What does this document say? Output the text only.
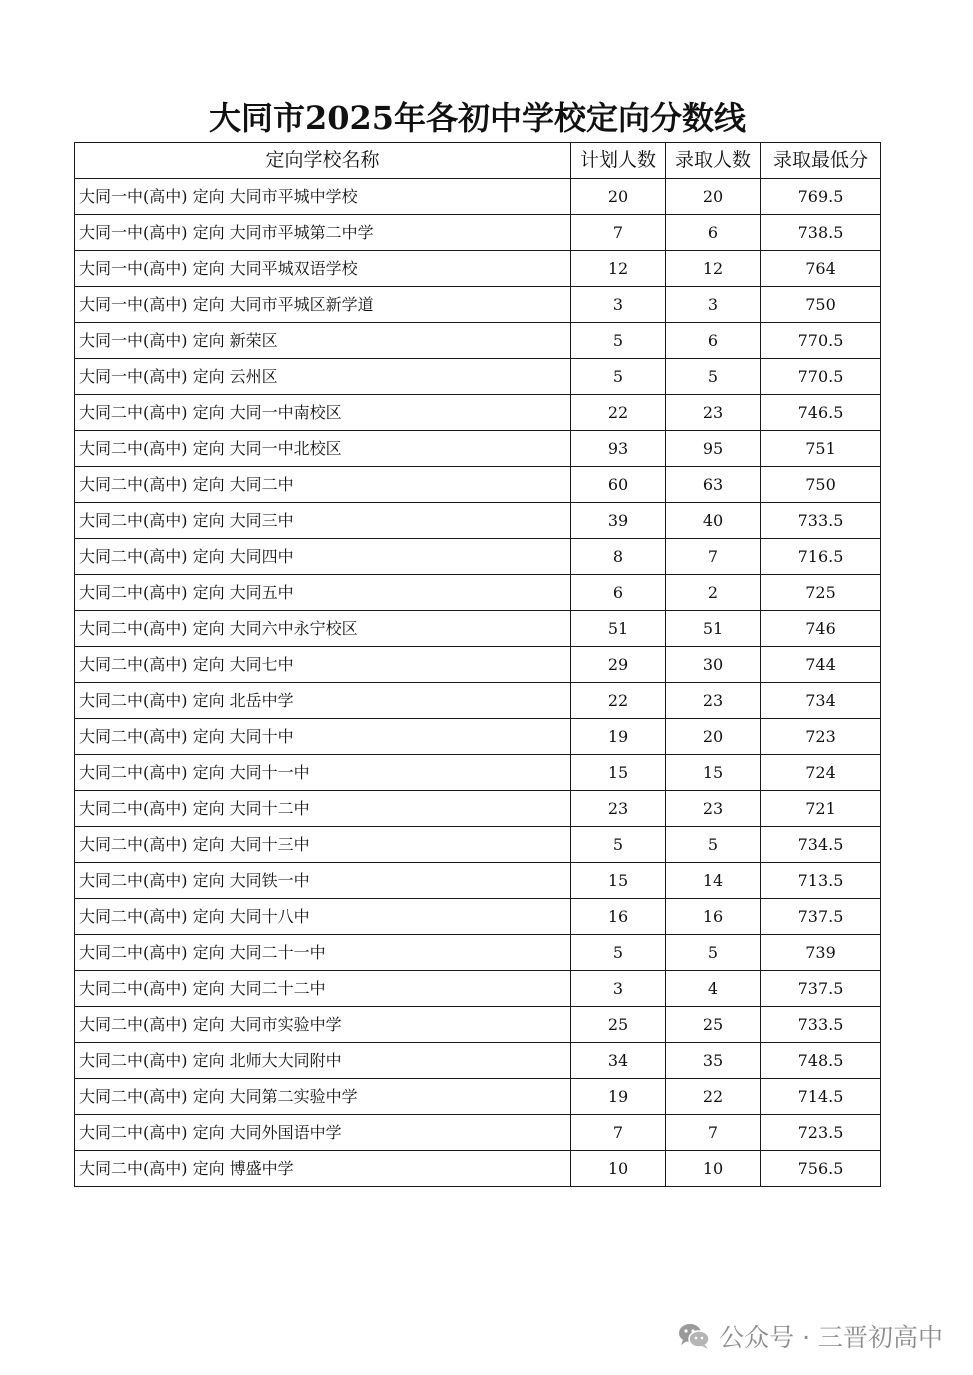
大同市2025年各初中学校定向分数线
定向学校名称	计划人数	录取人数	录取最低分
大同一中(高中) 定向 大同市平城中学校	20	20	769.5
大同一中(高中) 定向 大同市平城第二中学	7	6	738.5
大同一中(高中) 定向 大同平城双语学校	12	12	764
大同一中(高中) 定向 大同市平城区新学道	3	3	750
大同一中(高中) 定向 新荣区	5	6	770.5
大同一中(高中) 定向 云州区	5	5	770.5
大同二中(高中) 定向 大同一中南校区	22	23	746.5
大同二中(高中) 定向 大同一中北校区	93	95	751
大同二中(高中) 定向 大同二中	60	63	750
大同二中(高中) 定向 大同三中	39	40	733.5
大同二中(高中) 定向 大同四中	8	7	716.5
大同二中(高中) 定向 大同五中	6	2	725
大同二中(高中) 定向 大同六中永宁校区	51	51	746
大同二中(高中) 定向 大同七中	29	30	744
大同二中(高中) 定向 北岳中学	22	23	734
大同二中(高中) 定向 大同十中	19	20	723
大同二中(高中) 定向 大同十一中	15	15	724
大同二中(高中) 定向 大同十二中	23	23	721
大同二中(高中) 定向 大同十三中	5	5	734.5
大同二中(高中) 定向 大同铁一中	15	14	713.5
大同二中(高中) 定向 大同十八中	16	16	737.5
大同二中(高中) 定向 大同二十一中	5	5	739
大同二中(高中) 定向 大同二十二中	3	4	737.5
大同二中(高中) 定向 大同市实验中学	25	25	733.5
大同二中(高中) 定向 北师大大同附中	34	35	748.5
大同二中(高中) 定向 大同第二实验中学	19	22	714.5
大同二中(高中) 定向 大同外国语中学	7	7	723.5
大同二中(高中) 定向 博盛中学	10	10	756.5
公众号 · 三晋初高中
